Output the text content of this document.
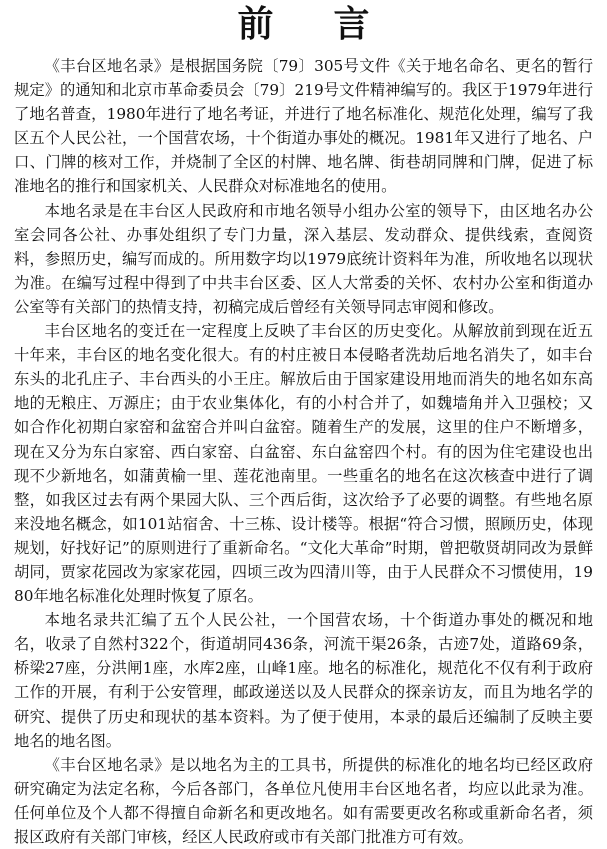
前言

《丰台区地名录》是根据国务院〔79〕305号文件《关于地名命名、更名的暂行规定》的通知和北京市革命委员会〔79〕219号文件精神编写的。我区于1979年进行了地名普查，1980年进行了地名考证，并进行了地名标准化、规范化处理，编写了我区五个人民公社，一个国营农场，十个街道办事处的概况。1981年又进行了地名、户口、门牌的核对工作，并烧制了全区的村牌、地名牌、街巷胡同牌和门牌，促进了标准地名的推行和国家机关、人民群众对标准地名的使用。

本地名录是在丰台区人民政府和市地名领导小组办公室的领导下，由区地名办公室会同各公社、办事处组织了专门力量，深入基层、发动群众、提供线索，查阅资料，参照历史，编写而成的。所用数字均以1979底统计资料年为准，所收地名以现状为准。在编写过程中得到了中共丰台区委、区人大常委的关怀、农村办公室和街道办公室等有关部门的热情支持，初稿完成后曾经有关领导同志审阅和修改。

丰台区地名的变迁在一定程度上反映了丰台区的历史变化。从解放前到现在近五十年来，丰台区的地名变化很大。有的村庄被日本侵略者洗劫后地名消失了，如丰台东头的北孔庄子、丰台西头的小王庄。解放后由于国家建设用地而消失的地名如东高地的无粮庄、万源庄；由于农业集体化，有的小村合并了，如魏墙角并入卫强校；又如合作化初期白家窑和盆窑合并叫白盆窑。随着生产的发展，这里的住户不断增多，现在又分为东白家窑、西白家窑、白盆窑、东白盆窑四个村。有的因为住宅建设也出现不少新地名，如蒲黄榆一里、莲花池南里。一些重名的地名在这次核查中进行了调整，如我区过去有两个果园大队、三个西后街，这次给予了必要的调整。有些地名原来没地名概念，如101站宿舍、十三栋、设计楼等。根据“符合习惯，照顾历史，体现规划，好找好记”的原则进行了重新命名。“文化大革命”时期，曾把敬贤胡同改为景鲜胡同，贾家花园改为家家花园，四顷三改为四清川等，由于人民群众不习惯使用，1980年地名标准化处理时恢复了原名。

本地名录共汇编了五个人民公社，一个国营农场，十个街道办事处的概况和地名，收录了自然村322个，街道胡同436条，河流干渠26条，古迹7处，道路69条，桥梁27座，分洪闸1座，水库2座，山峰1座。地名的标准化，规范化不仅有利于政府工作的开展，有利于公安管理，邮政递送以及人民群众的探亲访友，而且为地名学的研究、提供了历史和现状的基本资料。为了便于使用，本录的最后还编制了反映主要地名的地名图。

《丰台区地名录》是以地名为主的工具书，所提供的标准化的地名均已经区政府研究确定为法定名称，今后各部门，各单位凡使用丰台区地名者，均应以此录为准。任何单位及个人都不得擅自命新名和更改地名。如有需要更改名称或重新命名者，须报区政府有关部门审核，经区人民政府或市有关部门批准方可有效。
